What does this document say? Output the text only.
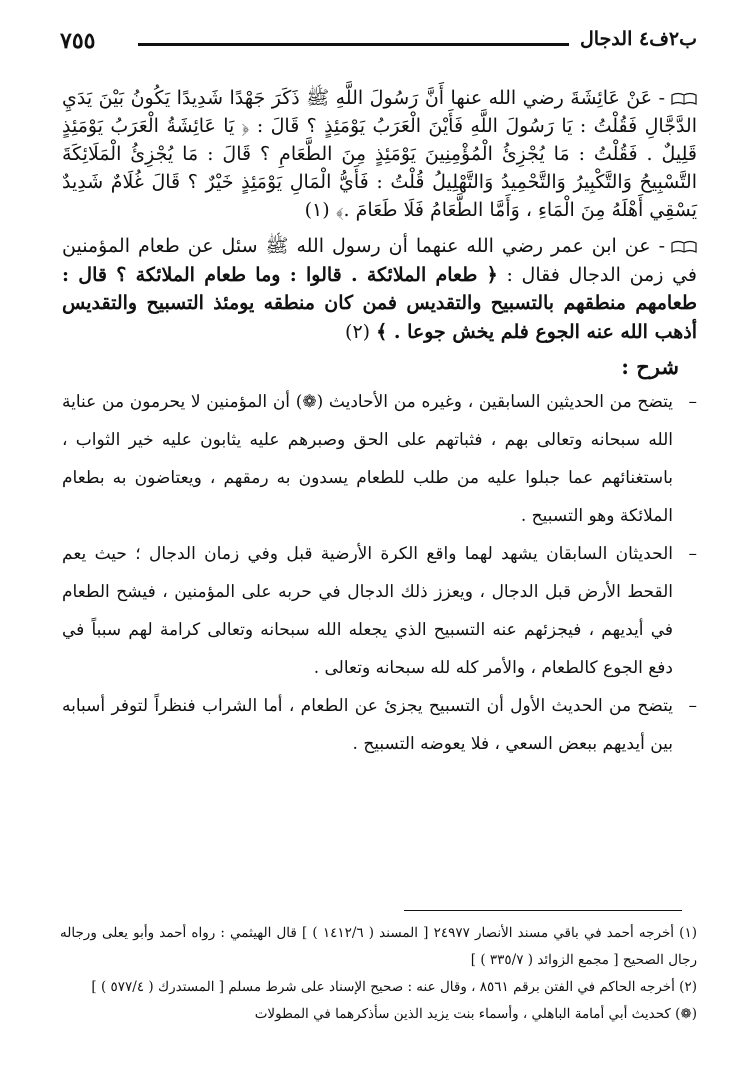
٧٥٥	ب٢ف٤ الدجال

- عَنْ عَائِشَةَ رضي الله عنها أَنَّ رَسُولَ اللَّهِ ﷺ ذَكَرَ جَهْدًا شَدِيدًا يَكُونُ بَيْنَ يَدَيِ الدَّجَّالِ فَقُلْتُ : يَا رَسُولَ اللَّهِ فَأَيْنَ الْعَرَبُ يَوْمَئِذٍ ؟ قَالَ : ﴿ يَا عَائِشَةُ الْعَرَبُ يَوْمَئِذٍ قَلِيلٌ . فَقُلْتُ : مَا يُجْزِئُ الْمُؤْمِنِينَ يَوْمَئِذٍ مِنَ الطَّعَامِ ؟ قَالَ : مَا يُجْزِئُ الْمَلَائِكَةَ التَّسْبِيحُ وَالتَّكْبِيرُ وَالتَّحْمِيدُ وَالتَّهْلِيلُ قُلْتُ : فَأَيُّ الْمَالِ يَوْمَئِذٍ خَيْرٌ ؟ قَالَ غُلَامٌ شَدِيدٌ يَسْقِي أَهْلَهُ مِنَ الْمَاءِ ، وَأَمَّا الطَّعَامُ فَلَا طَعَامَ .﴾ (١)

- عن ابن عمر رضي الله عنهما أن رسول الله ﷺ سئل عن طعام المؤمنين في زمن الدجال فقال : ﴿ طعام الملائكة . قالوا : وما طعام الملائكة ؟ قال : طعامهم منطقهم بالتسبيح والتقديس فمن كان منطقه يومئذ التسبيح والتقديس أذهب الله عنه الجوع فلم يخش جوعا . ﴾ (٢)

شرح :

–
يتضح من الحديثين السابقين ، وغيره من الأحاديث (❁) أن المؤمنين لا يحرمون من عناية الله سبحانه وتعالى بهم ، فثباتهم على الحق وصبرهم عليه يثابون عليه خير الثواب ، باستغنائهم عما جبلوا عليه من طلب للطعام يسدون به رمقهم ، ويعتاضون به بطعام الملائكة وهو التسبيح .

–
الحديثان السابقان يشهد لهما واقع الكرة الأرضية قبل وفي زمان الدجال ؛ حيث يعم القحط الأرض قبل الدجال ، ويعزز ذلك الدجال في حربه على المؤمنين ، فيشح الطعام في أيديهم ، فيجزئهم عنه التسبيح الذي يجعله الله سبحانه وتعالى كرامة لهم سبباً في دفع الجوع كالطعام ، والأمر كله لله سبحانه وتعالى .

–
يتضح من الحديث الأول أن التسبيح يجزئ عن الطعام ، أما الشراب فنظراً لتوفر أسبابه بين أيديهم ببعض السعي ، فلا يعوضه التسبيح .

(١) أخرجه أحمد في باقي مسند الأنصار ٢٤٩٧٧ [ المسند ( ١٤١٢/٦ ) ] قال الهيثمي : رواه أحمد وأبو يعلى ورجاله رجال الصحيح [ مجمع الزوائد ( ٣٣٥/٧ ) ]

(٢) أخرجه الحاكم في الفتن برقم ٨٥٦١ ، وقال عنه : صحيح الإسناد على شرط مسلم [ المستدرك ( ٥٧٧/٤ ) ]

(❁) كحديث أبي أمامة الباهلي ، وأسماء بنت يزيد الذين سأذكرهما في المطولات
